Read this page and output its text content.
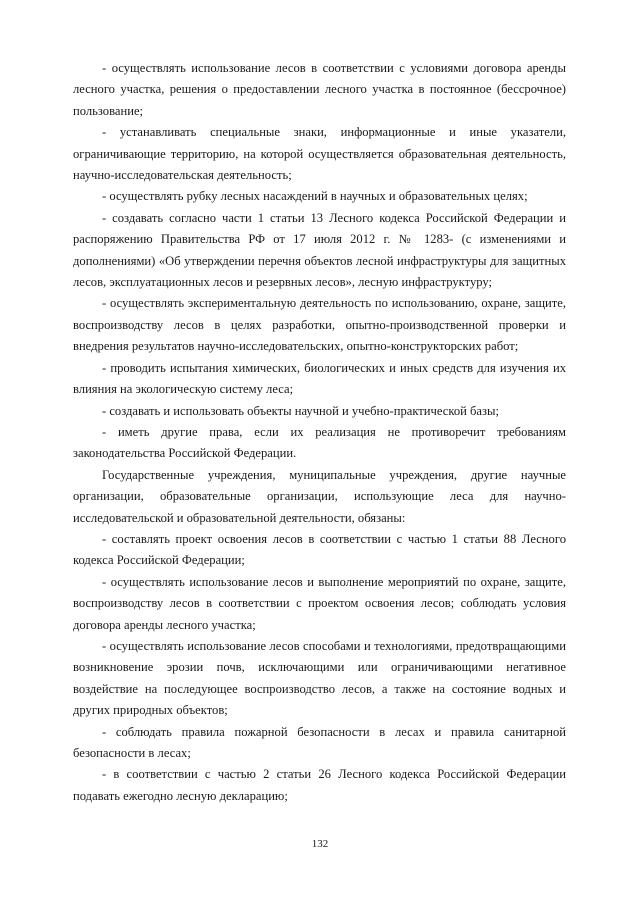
- осуществлять использование лесов в соответствии с условиями договора аренды лесного участка, решения о предоставлении лесного участка в постоянное (бессрочное) пользование;

- устанавливать специальные знаки, информационные и иные указатели, ограничивающие территорию, на которой осуществляется образовательная деятельность, научно-исследовательская деятельность;

- осуществлять рубку лесных насаждений в научных и образовательных целях;

- создавать согласно части 1 статьи 13 Лесного кодекса Российской Федерации и распоряжению Правительства РФ от 17 июля 2012 г. № 1283- (с изменениями и дополнениями) «Об утверждении перечня объектов лесной инфраструктуры для защитных лесов, эксплуатационных лесов и резервных лесов», лесную инфраструктуру;

- осуществлять экспериментальную деятельность по использованию, охране, защите, воспроизводству лесов в целях разработки, опытно-производственной проверки и внедрения результатов научно-исследовательских, опытно-конструкторских работ;

- проводить испытания химических, биологических и иных средств для изучения их влияния на экологическую систему леса;

- создавать и использовать объекты научной и учебно-практической базы;

- иметь другие права, если их реализация не противоречит требованиям законодательства Российской Федерации.

Государственные учреждения, муниципальные учреждения, другие научные организации, образовательные организации, использующие леса для научно-исследовательской и образовательной деятельности, обязаны:

- составлять проект освоения лесов в соответствии с частью 1 статьи 88 Лесного кодекса Российской Федерации;

- осуществлять использование лесов и выполнение мероприятий по охране, защите, воспроизводству лесов в соответствии с проектом освоения лесов; соблюдать условия договора аренды лесного участка;

- осуществлять использование лесов способами и технологиями, предотвращающими возникновение эрозии почв, исключающими или ограничивающими негативное воздействие на последующее воспроизводство лесов, а также на состояние водных и других природных объектов;

- соблюдать правила пожарной безопасности в лесах и правила санитарной безопасности в лесах;

- в соответствии с частью 2 статьи 26 Лесного кодекса Российской Федерации подавать ежегодно лесную декларацию;

132
